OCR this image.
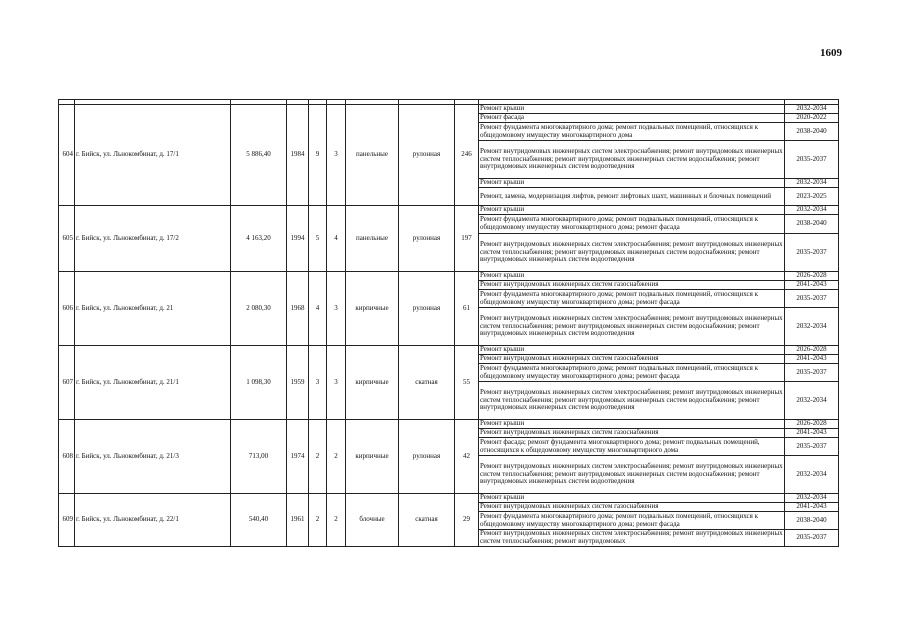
1609

604	г. Бийск, ул. Льнокомбинат, д. 17/1	5 886,40	1984	9	3	панельные	рулонная	246	Ремонт крыши	2032-2034
									Ремонт фасада	2020-2022
									Ремонт фундамента многоквартирного дома; ремонт подвальных помещений, относящихся к общедомовому имуществу многоквартирного дома	2038-2040
									Ремонт внутридомовых инженерных систем электроснабжения; ремонт внутридомовых инженерных систем теплоснабжения; ремонт внутридомовых инженерных систем водоснабжения; ремонт внутридомовых инженерных систем водоотведения	2035-2037
									Ремонт крыши	2032-2034
									Ремонт, замена, модернизация лифтов, ремонт лифтовых шахт, машинных и блочных помещений	2023-2025
605	г. Бийск, ул. Льнокомбинат, д. 17/2	4 163,20	1994	5	4	панельные	рулонная	197	Ремонт крыши	2032-2034
									Ремонт фундамента многоквартирного дома; ремонт подвальных помещений, относящихся к общедомовому имуществу многоквартирного дома; ремонт фасада	2038-2040
									Ремонт внутридомовых инженерных систем электроснабжения; ремонт внутридомовых инженерных систем теплоснабжения; ремонт внутридомовых инженерных систем водоснабжения; ремонт внутридомовых инженерных систем водоотведения	2035-2037
606	г. Бийск, ул. Льнокомбинат, д. 21	2 080,30	1968	4	3	кирпичные	рулонная	61	Ремонт крыши	2026-2028
									Ремонт внутридомовых инженерных систем газоснабжения	2041-2043
									Ремонт фундамента многоквартирного дома; ремонт подвальных помещений, относящихся к общедомовому имуществу многоквартирного дома; ремонт фасада	2035-2037
									Ремонт внутридомовых инженерных систем электроснабжения; ремонт внутридомовых инженерных систем теплоснабжения; ремонт внутридомовых инженерных систем водоснабжения; ремонт внутридомовых инженерных систем водоотведения	2032-2034
607	г. Бийск, ул. Льнокомбинат, д. 21/1	1 098,30	1959	3	3	кирпичные	скатная	55	Ремонт крыши	2026-2028
									Ремонт внутридомовых инженерных систем газоснабжения	2041-2043
									Ремонт фундамента многоквартирного дома; ремонт подвальных помещений, относящихся к общедомовому имуществу многоквартирного дома; ремонт фасада	2035-2037
									Ремонт внутридомовых инженерных систем электроснабжения; ремонт внутридомовых инженерных систем теплоснабжения; ремонт внутридомовых инженерных систем водоснабжения; ремонт внутридомовых инженерных систем водоотведения	2032-2034
608	г. Бийск, ул. Льнокомбинат, д. 21/3	713,00	1974	2	2	кирпичные	рулонная	42	Ремонт крыши	2026-2028
									Ремонт внутридомовых инженерных систем газоснабжения	2041-2043
									Ремонт фасада; ремонт фундамента многоквартирного дома; ремонт подвальных помещений, относящихся к общедомовому имуществу многоквартирного дома	2035-2037
									Ремонт внутридомовых инженерных систем электроснабжения; ремонт внутридомовых инженерных систем теплоснабжения; ремонт внутридомовых инженерных систем водоснабжения; ремонт внутридомовых инженерных систем водоотведения	2032-2034
609	г. Бийск, ул. Льнокомбинат, д. 22/1	540,40	1961	2	2	блочные	скатная	29	Ремонт крыши	2032-2034
									Ремонт внутридомовых инженерных систем газоснабжения	2041-2043
									Ремонт фундамента многоквартирного дома; ремонт подвальных помещений, относящихся к общедомовому имуществу многоквартирного дома; ремонт фасада	2038-2040
									Ремонт внутридомовых инженерных систем электроснабжения; ремонт внутридомовых инженерных систем теплоснабжения; ремонт внутридомовых	2035-2037
